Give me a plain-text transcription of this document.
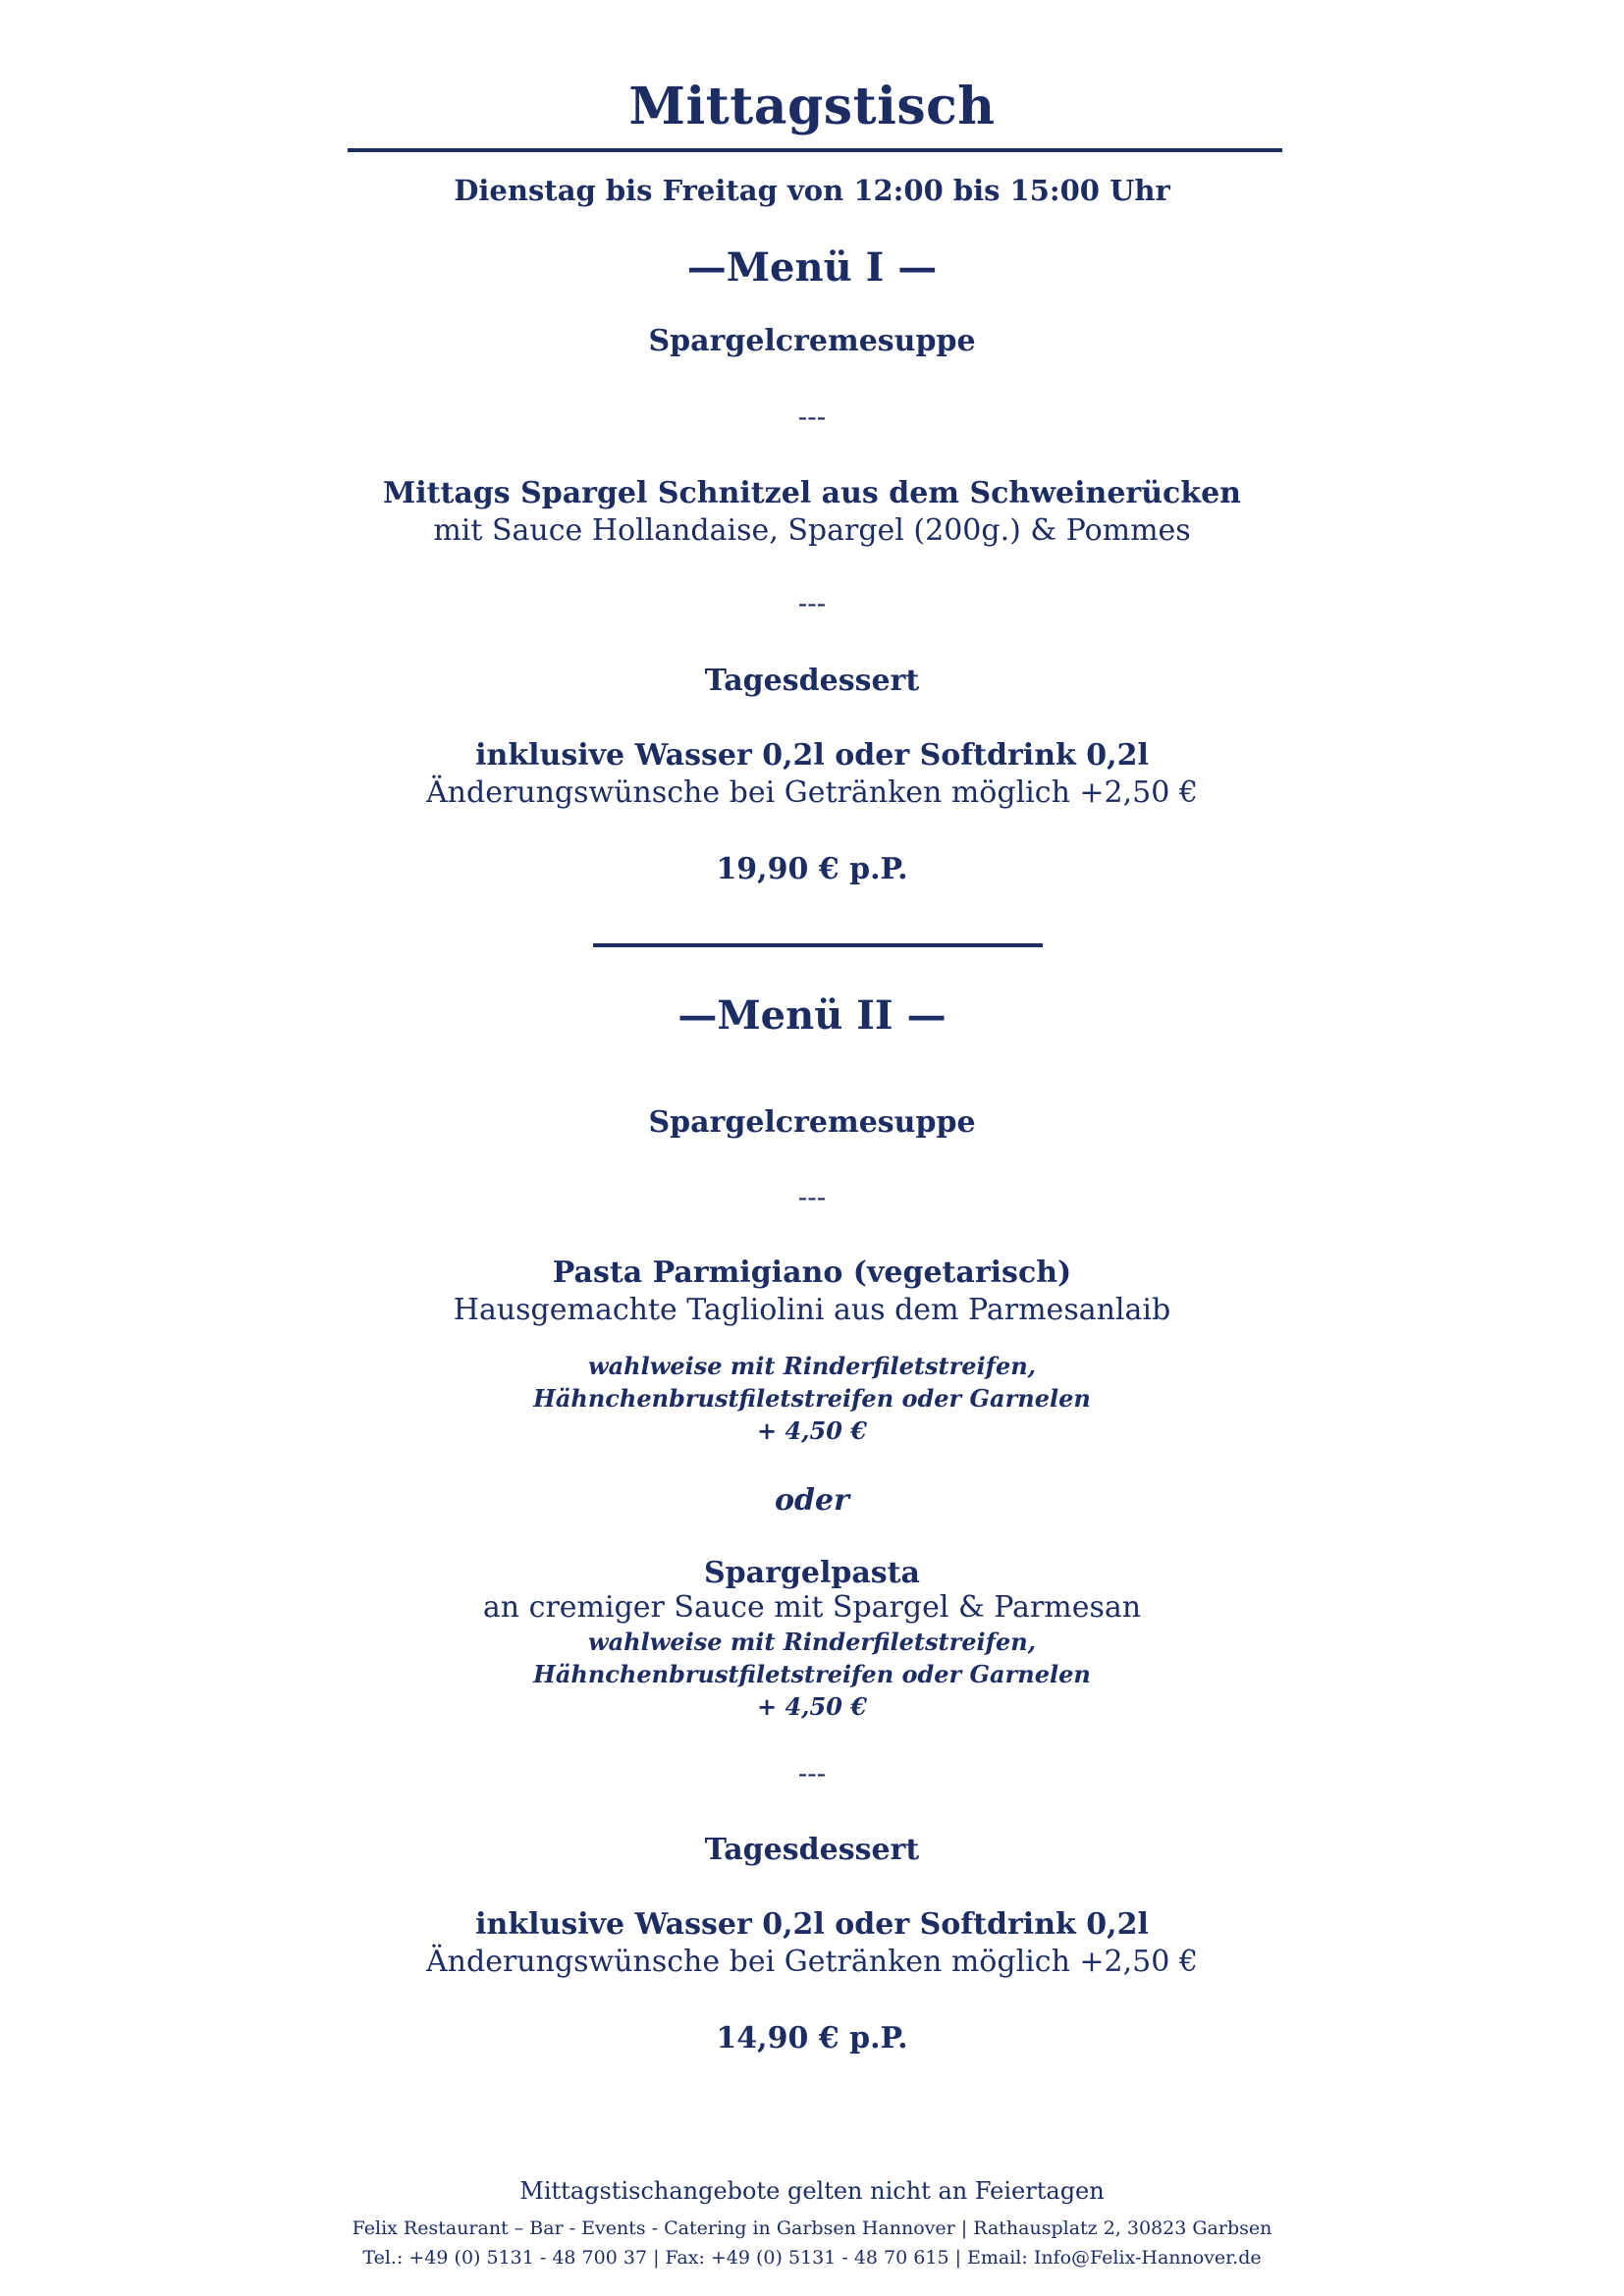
Mittagstisch
Dienstag bis Freitag von 12:00 bis 15:00 Uhr
—Menü I —
Spargelcremesuppe
---
Mittags Spargel Schnitzel aus dem Schweinerücken
mit Sauce Hollandaise, Spargel (200g.) & Pommes
---
Tagesdessert
inklusive Wasser 0,2l oder Softdrink 0,2l
Änderungswünsche bei Getränken möglich +2,50 €
19,90 € p.P.
—Menü II —
Spargelcremesuppe
---
Pasta Parmigiano (vegetarisch)
Hausgemachte Tagliolini aus dem Parmesanlaib
wahlweise mit Rinderfiletstreifen,
Hähnchenbrustfiletstreifen oder Garnelen
+ 4,50 €
oder
Spargelpasta
an cremiger Sauce mit Spargel & Parmesan
wahlweise mit Rinderfiletstreifen,
Hähnchenbrustfiletstreifen oder Garnelen
+ 4,50 €
---
Tagesdessert
inklusive Wasser 0,2l oder Softdrink 0,2l
Änderungswünsche bei Getränken möglich +2,50 €
14,90 € p.P.
Mittagstischangebote gelten nicht an Feiertagen
Felix Restaurant – Bar - Events - Catering in Garbsen Hannover | Rathausplatz 2, 30823 Garbsen
Tel.: +49 (0) 5131 - 48 700 37 | Fax: +49 (0) 5131 - 48 70 615 | Email: Info@Felix-Hannover.de
